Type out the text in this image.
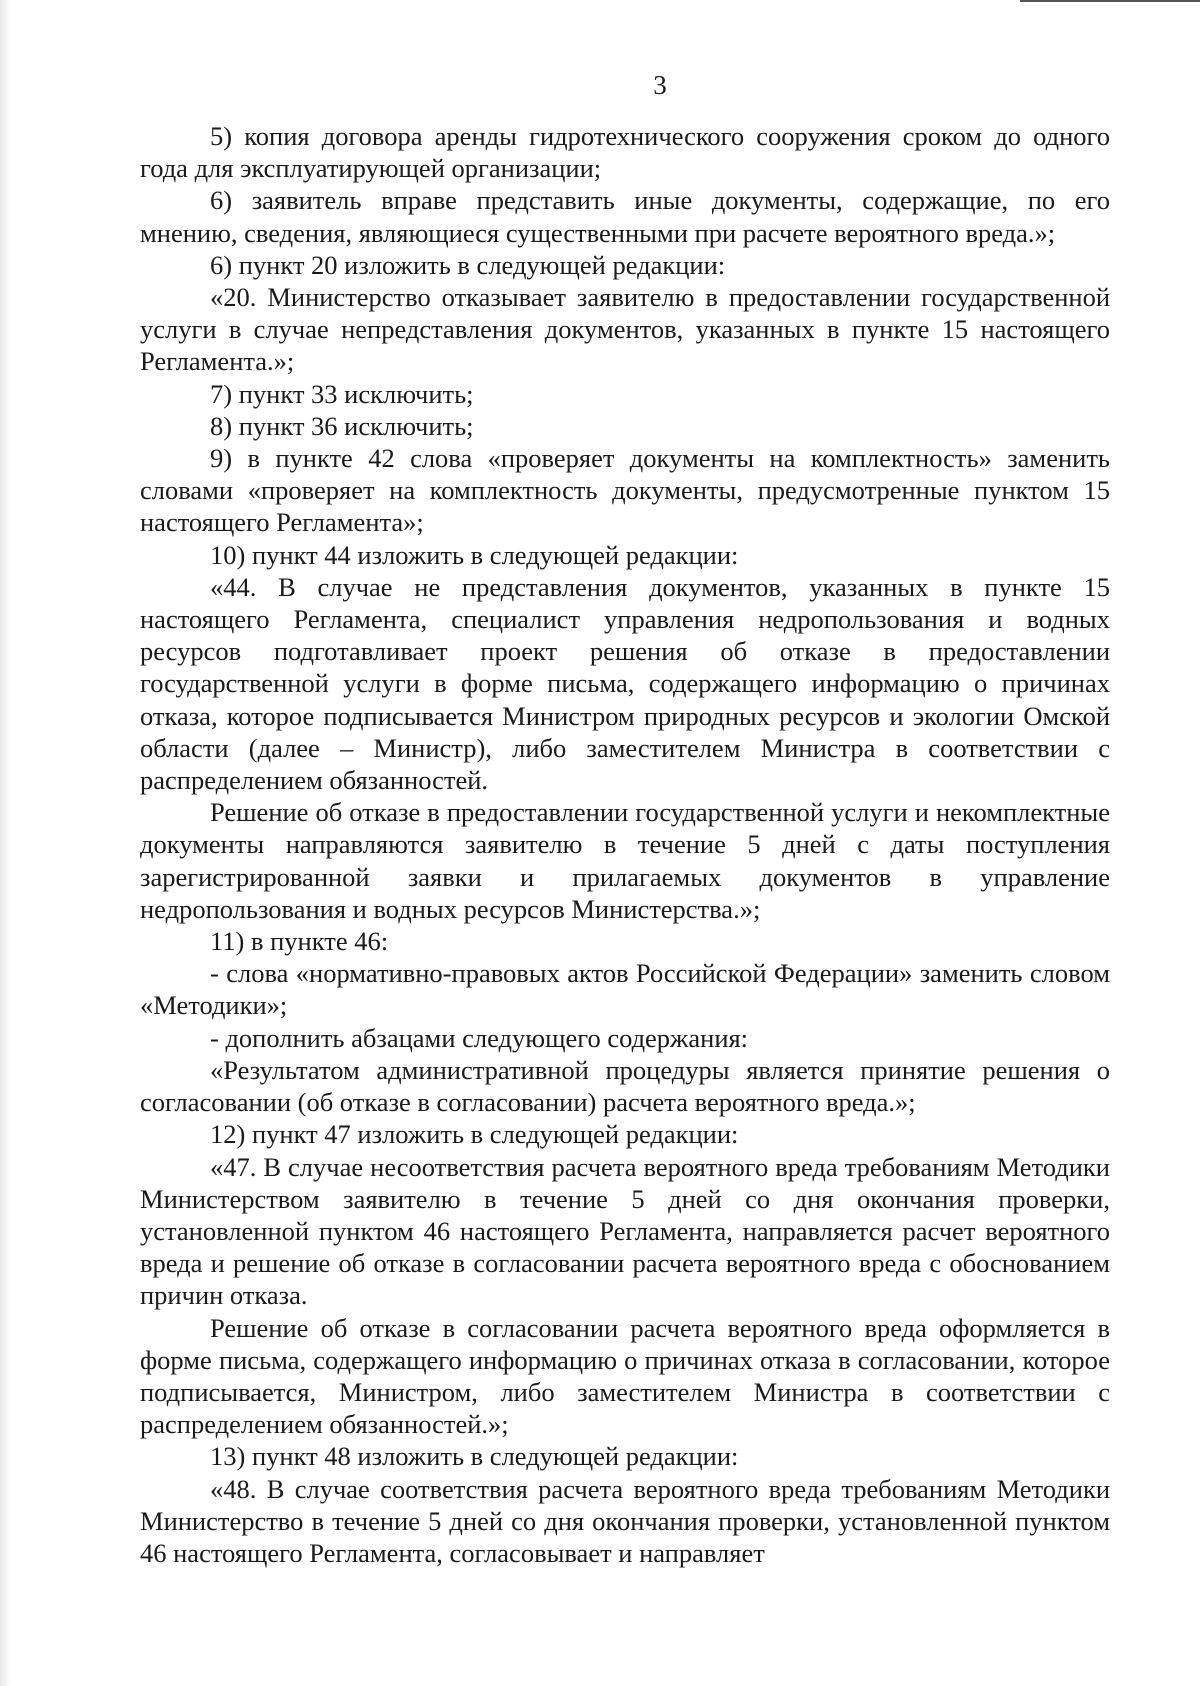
3

5) копия договора аренды гидротехнического сооружения сроком до одного года для эксплуатирующей организации;

6) заявитель вправе представить иные документы, содержащие, по его мнению, сведения, являющиеся существенными при расчете вероятного вреда.»;

6) пункт 20 изложить в следующей редакции:

«20. Министерство отказывает заявителю в предоставлении государственной услуги в случае непредставления документов, указанных в пункте 15 настоящего Регламента.»;

7) пункт 33 исключить;

8) пункт 36 исключить;

9) в пункте 42 слова «проверяет документы на комплектность» заменить словами «проверяет на комплектность документы, предусмотренные пунктом 15 настоящего Регламента»;

10) пункт 44 изложить в следующей редакции:

«44. В случае не представления документов, указанных в пункте 15 настоящего Регламента, специалист управления недропользования и водных ресурсов подготавливает проект решения об отказе в предоставлении государственной услуги в форме письма, содержащего информацию о причинах отказа, которое подписывается Министром природных ресурсов и экологии Омской области (далее – Министр), либо заместителем Министра в соответствии с распределением обязанностей.

Решение об отказе в предоставлении государственной услуги и некомплектные документы направляются заявителю в течение 5 дней с даты поступления зарегистрированной заявки и прилагаемых документов в управление недропользования и водных ресурсов Министерства.»;

11) в пункте 46:

- слова «нормативно-правовых актов Российской Федерации» заменить словом «Методики»;

- дополнить абзацами следующего содержания:

«Результатом административной процедуры является принятие решения о согласовании (об отказе в согласовании) расчета вероятного вреда.»;

12) пункт 47 изложить в следующей редакции:

«47. В случае несоответствия расчета вероятного вреда требованиям Методики Министерством заявителю в течение 5 дней со дня окончания проверки, установленной пунктом 46 настоящего Регламента, направляется расчет вероятного вреда и решение об отказе в согласовании расчета вероятного вреда с обоснованием причин отказа.

Решение об отказе в согласовании расчета вероятного вреда оформляется в форме письма, содержащего информацию о причинах отказа в согласовании, которое подписывается, Министром, либо заместителем Министра в соответствии с распределением обязанностей.»;

13) пункт 48 изложить в следующей редакции:

«48. В случае соответствия расчета вероятного вреда требованиям Методики Министерство в течение 5 дней со дня окончания проверки, установленной пунктом 46 настоящего Регламента, согласовывает и направляет
